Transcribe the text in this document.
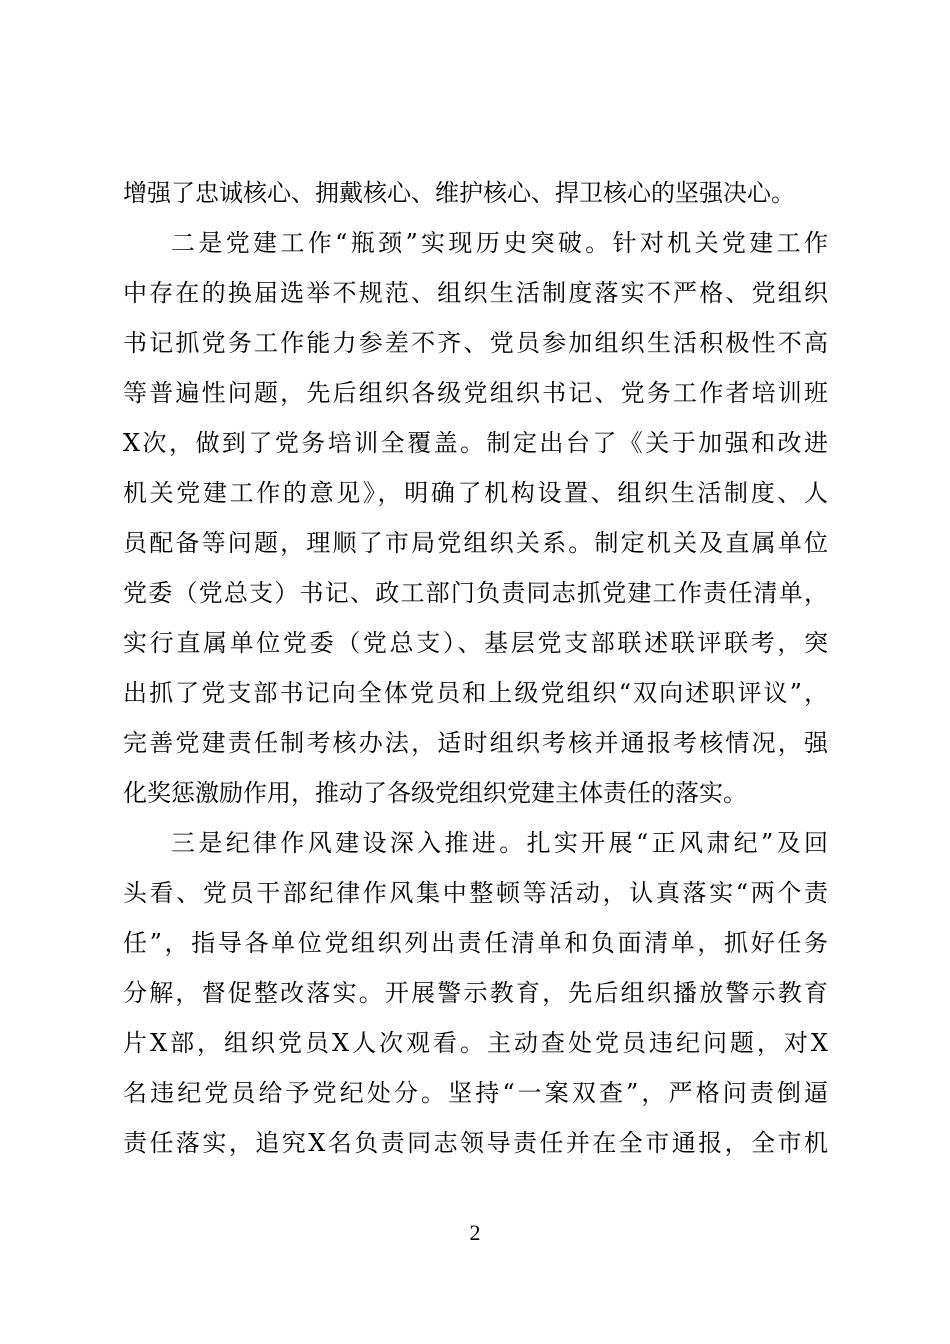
增强了忠诚核心、拥戴核心、维护核心、捍卫核心的坚强决心。
二是党建工作“瓶颈”实现历史突破。针对机关党建工作
中存在的换届选举不规范、组织生活制度落实不严格、党组织
书记抓党务工作能力参差不齐、党员参加组织生活积极性不高
等普遍性问题，先后组织各级党组织书记、党务工作者培训班
X次，做到了党务培训全覆盖。制定出台了《关于加强和改进
机关党建工作的意见》，明确了机构设置、组织生活制度、人
员配备等问题，理顺了市局党组织关系。制定机关及直属单位
党委（党总支）书记、政工部门负责同志抓党建工作责任清单，
实行直属单位党委（党总支）、基层党支部联述联评联考，突
出抓了党支部书记向全体党员和上级党组织“双向述职评议”，
完善党建责任制考核办法，适时组织考核并通报考核情况，强
化奖惩激励作用，推动了各级党组织党建主体责任的落实。
三是纪律作风建设深入推进。扎实开展“正风肃纪”及回
头看、党员干部纪律作风集中整顿等活动，认真落实“两个责
任”，指导各单位党组织列出责任清单和负面清单，抓好任务
分解，督促整改落实。开展警示教育，先后组织播放警示教育
片X部，组织党员X人次观看。主动查处党员违纪问题，对X
名违纪党员给予党纪处分。坚持“一案双查”，严格问责倒逼
责任落实，追究X名负责同志领导责任并在全市通报，全市机
2
